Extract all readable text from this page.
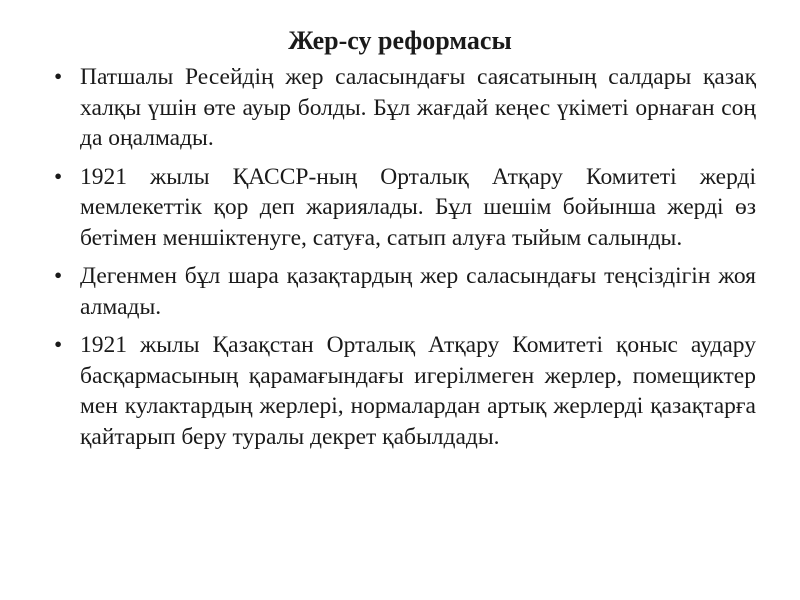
Жер-су реформасы
• Патшалы Ресейдің жер саласындағы саясатының салдары қазақ халқы үшін өте ауыр болды. Бұл жағдай кеңес үкіметі орнаған соң да оңалмады.
• 1921 жылы ҚАССР-ның Орталық Атқару Комитеті жерді мемлекеттік қор деп жариялады. Бұл шешім бойынша жерді өз бетімен меншіктенуге, сатуға, сатып алуға тыйым салынды.
• Дегенмен бұл шара қазақтардың жер саласындағы теңсіздігін жоя алмады.
• 1921 жылы Қазақстан Орталық Атқару Комитеті қоныс аудару басқармасының қарамағындағы игерілмеген жерлер, помещиктер мен кулактардың жерлері, нормалардан артық жерлерді қазақтарға қайтарып беру туралы декрет қабылдады.
